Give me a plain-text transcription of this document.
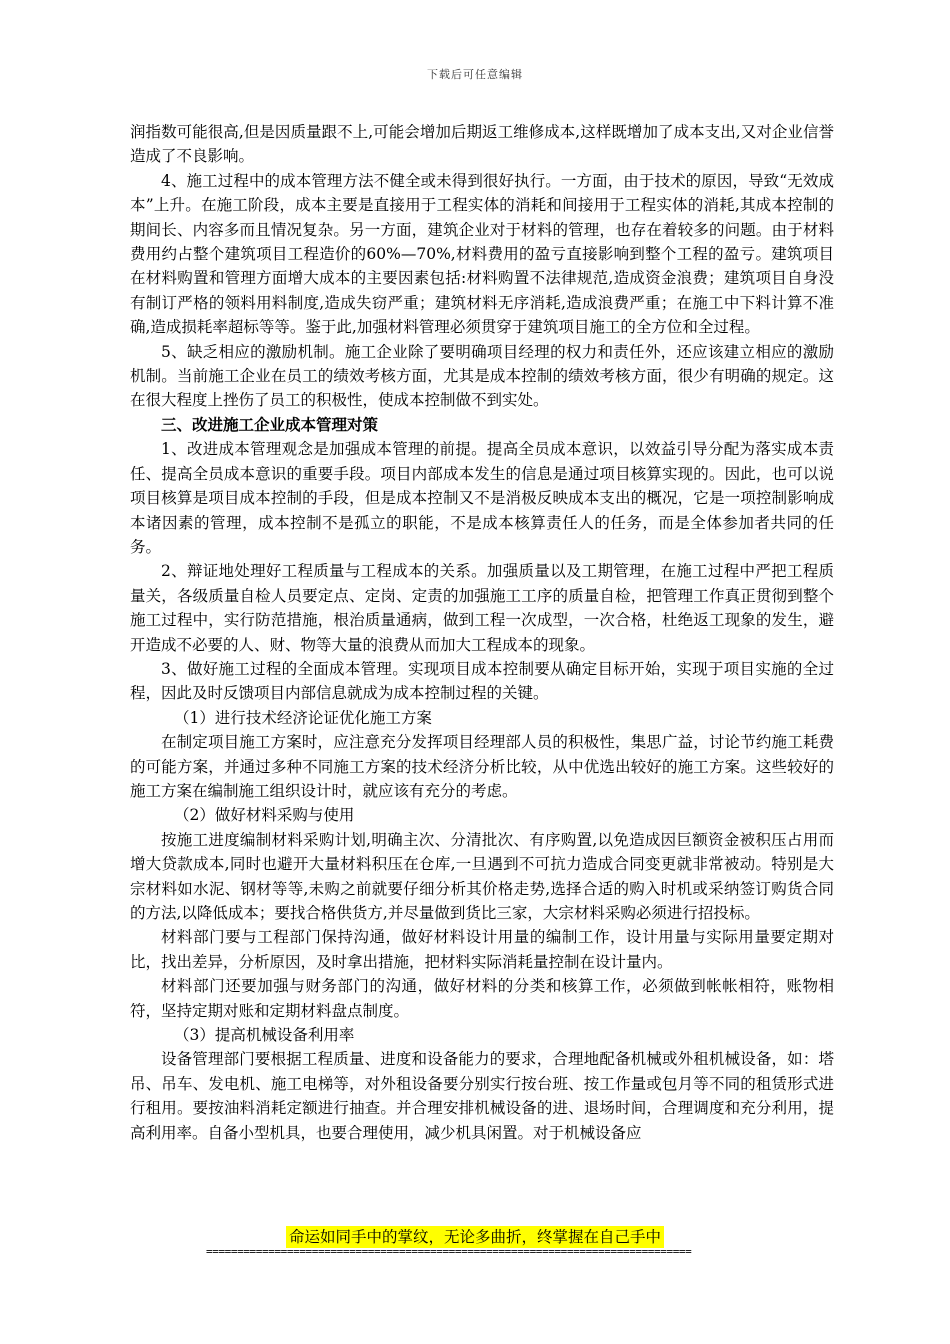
下载后可任意编辑

润指数可能很高,但是因质量跟不上,可能会增加后期返工维修成本,这样既增加了成本支出,又对企业信誉造成了不良影响。

4、施工过程中的成本管理方法不健全或未得到很好执行。一方面，由于技术的原因，导致“无效成本”上升。在施工阶段，成本主要是直接用于工程实体的消耗和间接用于工程实体的消耗,其成本控制的期间长、内容多而且情况复杂。另一方面，建筑企业对于材料的管理，也存在着较多的问题。由于材料费用约占整个建筑项目工程造价的60%—70%,材料费用的盈亏直接影响到整个工程的盈亏。建筑项目在材料购置和管理方面增大成本的主要因素包括:材料购置不法律规范,造成资金浪费；建筑项目自身没有制订严格的领料用料制度,造成失窃严重；建筑材料无序消耗,造成浪费严重；在施工中下料计算不准确,造成损耗率超标等等。鉴于此,加强材料管理必须贯穿于建筑项目施工的全方位和全过程。

5、缺乏相应的激励机制。施工企业除了要明确项目经理的权力和责任外，还应该建立相应的激励机制。当前施工企业在员工的绩效考核方面，尤其是成本控制的绩效考核方面，很少有明确的规定。这在很大程度上挫伤了员工的积极性，使成本控制做不到实处。

三、改进施工企业成本管理对策

1、改进成本管理观念是加强成本管理的前提。提高全员成本意识，以效益引导分配为落实成本责任、提高全员成本意识的重要手段。项目内部成本发生的信息是通过项目核算实现的。因此，也可以说项目核算是项目成本控制的手段，但是成本控制又不是消极反映成本支出的概况，它是一项控制影响成本诸因素的管理，成本控制不是孤立的职能，不是成本核算责任人的任务，而是全体参加者共同的任务。

2、辩证地处理好工程质量与工程成本的关系。加强质量以及工期管理，在施工过程中严把工程质量关，各级质量自检人员要定点、定岗、定责的加强施工工序的质量自检，把管理工作真正贯彻到整个施工过程中，实行防范措施，根治质量通病，做到工程一次成型，一次合格，杜绝返工现象的发生，避开造成不必要的人、财、物等大量的浪费从而加大工程成本的现象。

3、做好施工过程的全面成本管理。实现项目成本控制要从确定目标开始，实现于项目实施的全过程，因此及时反馈项目内部信息就成为成本控制过程的关键。

（1）进行技术经济论证优化施工方案

在制定项目施工方案时，应注意充分发挥项目经理部人员的积极性，集思广益，讨论节约施工耗费的可能方案，并通过多种不同施工方案的技术经济分析比较，从中优选出较好的施工方案。这些较好的施工方案在编制施工组织设计时，就应该有充分的考虑。

（2）做好材料采购与使用

按施工进度编制材料采购计划,明确主次、分清批次、有序购置,以免造成因巨额资金被积压占用而增大贷款成本,同时也避开大量材料积压在仓库,一旦遇到不可抗力造成合同变更就非常被动。特别是大宗材料如水泥、钢材等等,未购之前就要仔细分析其价格走势,选择合适的购入时机或采纳签订购货合同的方法,以降低成本；要找合格供货方,并尽量做到货比三家，大宗材料采购必须进行招投标。

材料部门要与工程部门保持沟通，做好材料设计用量的编制工作，设计用量与实际用量要定期对比，找出差异，分析原因，及时拿出措施，把材料实际消耗量控制在设计量内。

材料部门还要加强与财务部门的沟通，做好材料的分类和核算工作，必须做到帐帐相符，账物相符，坚持定期对账和定期材料盘点制度。

（3）提高机械设备利用率

设备管理部门要根据工程质量、进度和设备能力的要求，合理地配备机械或外租机械设备，如：塔吊、吊车、发电机、施工电梯等，对外租设备要分别实行按台班、按工作量或包月等不同的租赁形式进行租用。要按油料消耗定额进行抽查。并合理安排机械设备的进、退场时间，合理调度和充分利用，提高利用率。自备小型机具，也要合理使用，减少机具闲置。对于机械设备应

命运如同手中的掌纹，无论多曲折，终掌握在自己手中
==============================================================================
